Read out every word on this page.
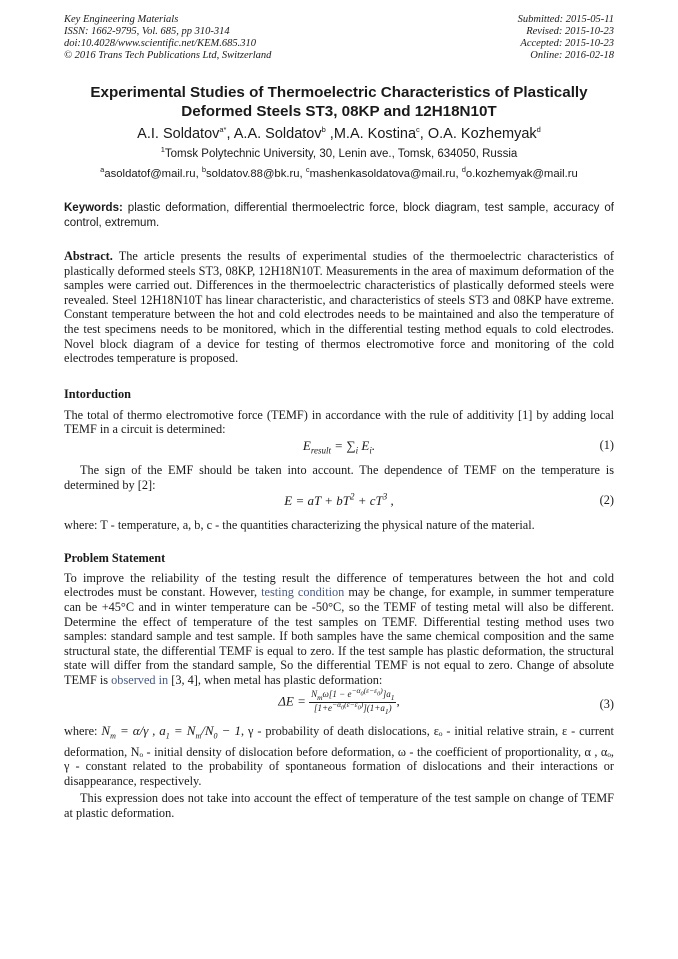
Key Engineering Materials
ISSN: 1662-9795, Vol. 685, pp 310-314
doi:10.4028/www.scientific.net/KEM.685.310
© 2016 Trans Tech Publications Ltd, Switzerland
Submitted: 2015-05-11
Revised: 2015-10-23
Accepted: 2015-10-23
Online: 2016-02-18
Experimental Studies of Thermoelectric Characteristics of Plastically
Deformed Steels ST3, 08KP and 12H18N10T
A.I. Soldatov$^{a*}$, A.A. Soldatov$^b$ ,M.A. Kostina$^c$, O.A. Kozhemyak$^d$
$^1$Tomsk Polytechnic University, 30, Lenin ave., Tomsk, 634050, Russia
$^a$asoldatof@mail.ru, $^b$soldatov.88@bk.ru, $^c$mashenkasoldatova@mail.ru, $^d$o.kozhemyak@mail.ru
Keywords: plastic deformation, differential thermoelectric force, block diagram, test sample, accuracy of control, extremum.
Abstract. The article presents the results of experimental studies of the thermoelectric characteristics of plastically deformed steels ST3, 08KP, 12H18N10T. Measurements in the area of maximum deformation of the samples were carried out. Differences in the thermoelectric characteristics of plastically deformed steels were revealed. Steel 12H18N10T has linear characteristic, and characteristics of steels ST3 and 08KP have extreme. Constant temperature between the hot and cold electrodes needs to be maintained and also the temperature of the test specimens needs to be monitored, which in the differential testing method equals to cold electrodes. Novel block diagram of a device for testing of thermos electromotive force and monitoring of the cold electrodes temperature is proposed.
Intorduction

The total of thermo electromotive force (TEMF) in accordance with the rule of additivity [1] by adding local TEMF in a circuit is determined:

$E_{result} = \sum_i$ $E_i$.	(1)

The sign of the EMF should be taken into account. The dependence of TEMF on the temperature is determined by [2]:

E = aT + $bT^2 + cT^3$ ,	(2)

where: T - temperature, a, b, c - the quantities characterizing the physical nature of the material.

Problem Statement

To improve the reliability of the testing result the difference of temperatures between the hot and cold electrodes must be constant. However, testing condition may be change, for example, in summer temperature can be +45°C and in winter temperature can be -50°C, so the TEMF of testing metal will also be different. Determine the effect of temperature of the test samples on TEMF. Differential testing method uses two samples: standard sample and test sample. If both samples have the same chemical composition and the same structural state, the differential TEMF is equal to zero. If the test sample has plastic deformation, the structural state will differ from the standard sample, So the differential TEMF is not equal to zero. Change of absolute TEMF is observed in [3, 4], when metal has plastic deformation:

$\Delta E = \frac{N_m\omega[1 - e^{-\alpha_0(\varepsilon-\varepsilon_0)}]a_1}{[1+e^{-\alpha_0(\varepsilon-\varepsilon_0)}](1+a_1)}$ ,	(3)

where: $N_m = \alpha/\gamma$ , $a_1 = N_m/N_0 - 1$, γ - probability of death dislocations, εₒ - initial relative strain, ε - current deformation, Nₒ - initial density of dislocation before deformation, ω - the coefficient of proportionality, α , αₒ, γ - constant related to the probability of spontaneous formation of dislocations and their interactions or disappearance, respectively.

This expression does not take into account the effect of temperature of the test sample on change of TEMF at plastic deformation.
